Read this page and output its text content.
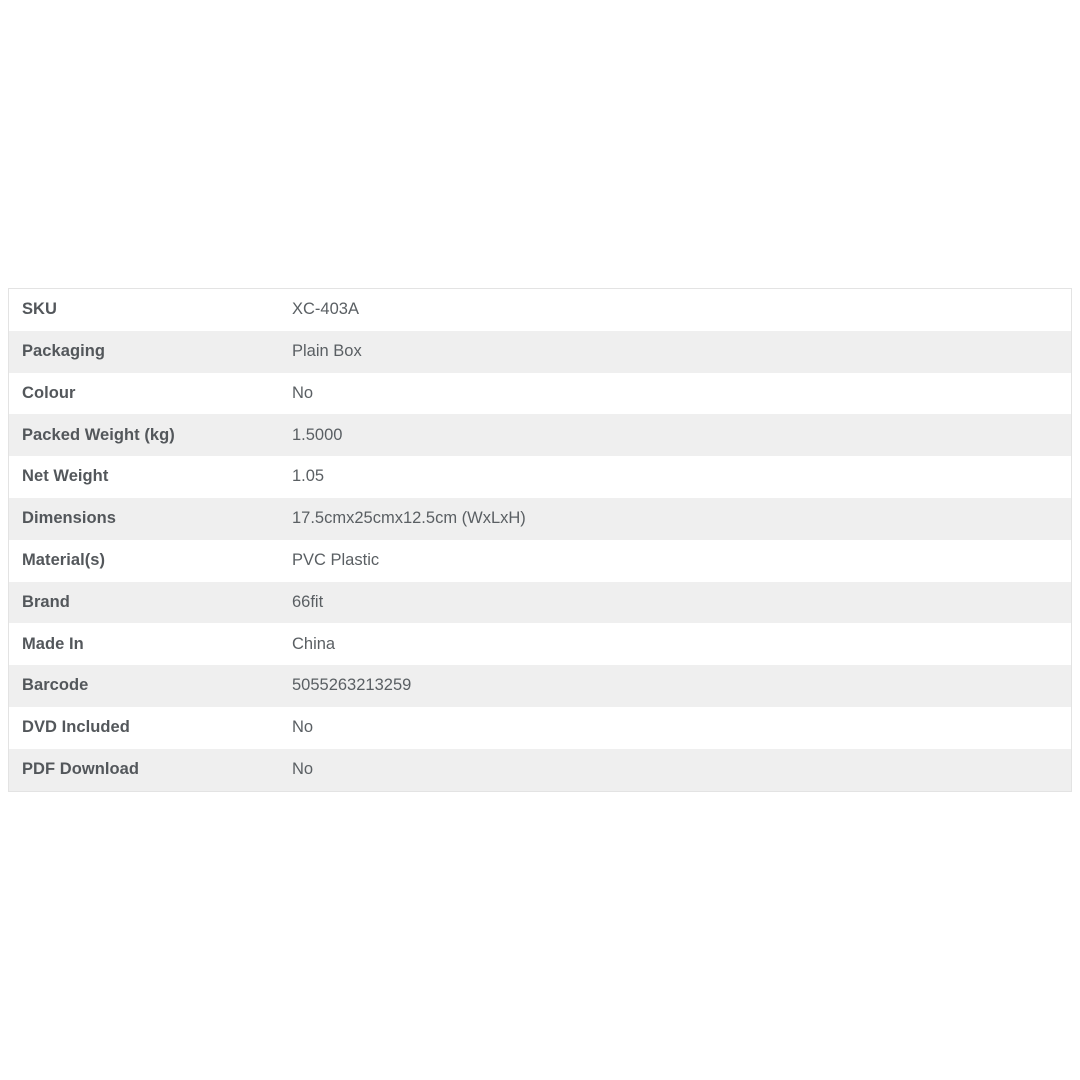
SKU	XC-403A
Packaging	Plain Box
Colour	No
Packed Weight (kg)	1.5000
Net Weight	1.05
Dimensions	17.5cmx25cmx12.5cm (WxLxH)
Material(s)	PVC Plastic
Brand	66fit
Made In	China
Barcode	5055263213259
DVD Included	No
PDF Download	No
